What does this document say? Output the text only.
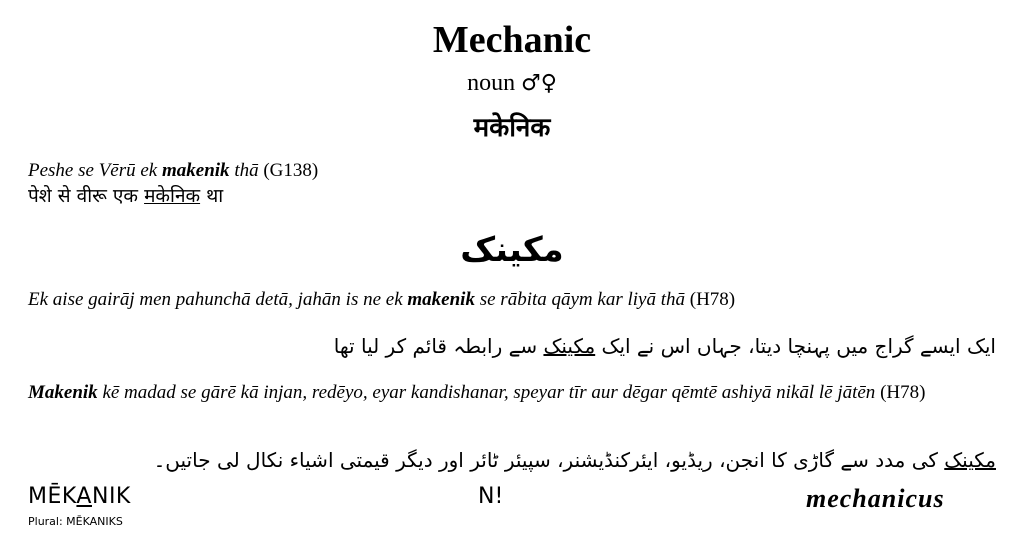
Mechanic
noun ♂♀
मकेनिक
Peshe se Vērū ek makenik thā (G138)
पेशे से वीरू एक मकेनिक था
مکینک
Ek aise gairāj men pahunchā detā, jahān is ne ek makenik se rābita qāym kar liyā thā (H78)
ایک ایسے گراج میں پہنچا دیتا، جہاں اس نے ایک مکینک سے رابطہ قائم کر لیا تھا
Makenik kē madad se gārē kā injan, redēyo, eyar kandishanar, speyar tīr aur dēgar qēmtē ashiyā nikāl lē jātēn (H78)
مکینک کی مدد سے گاڑی کا انجن، ریڈیو، ایئرکنڈیشنر، سپیئر ٹائر اور دیگر قیمتی اشیاء نکال لی جاتیں۔
MĒKANIK
Plural: MĒKANIKS
N!	mechanicus
